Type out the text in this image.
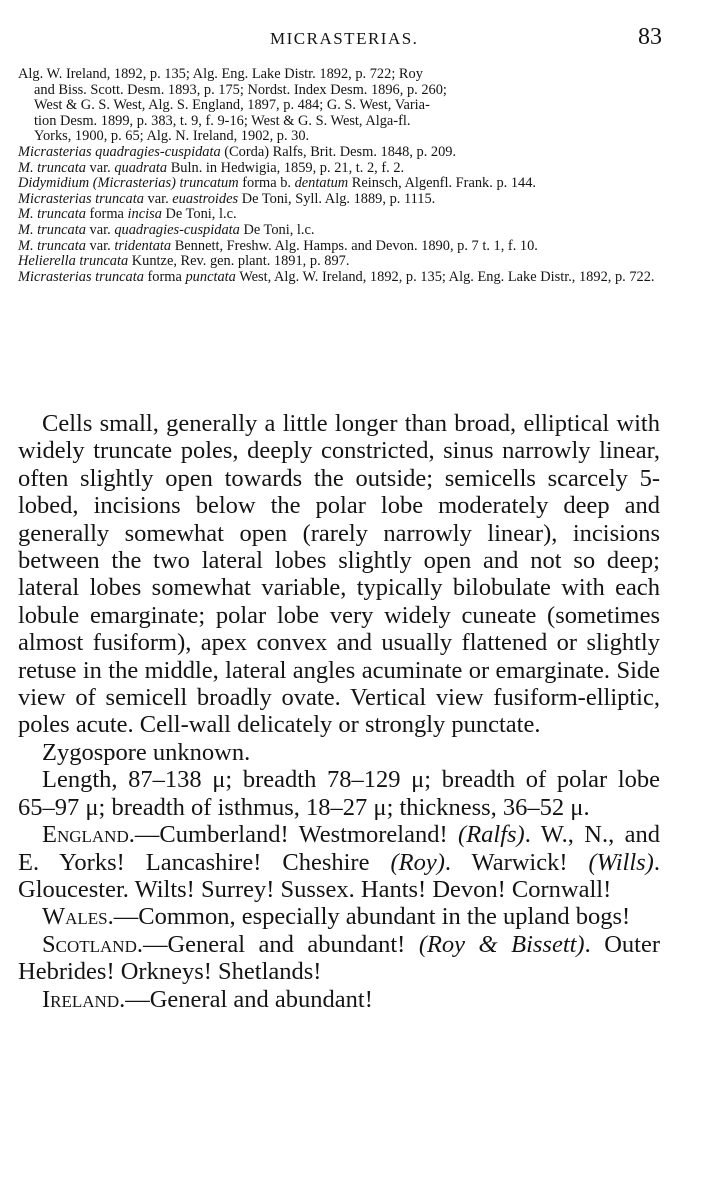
MICRASTERIAS.	83
Alg. W. Ireland, 1892, p. 135; Alg. Eng. Lake Distr. 1892, p. 722; Roy
and Biss. Scott. Desm. 1893, p. 175; Nordst. Index Desm. 1896, p. 260;
West & G. S. West, Alg. S. England, 1897, p. 484; G. S. West, Varia-
tion Desm. 1899, p. 383, t. 9, f. 9-16; West & G. S. West, Alga-fl.
Yorks, 1900, p. 65; Alg. N. Ireland, 1902, p. 30.

Micrasterias quadragies-cuspidata (Corda) Ralfs, Brit. Desm. 1848, p. 209.

M. truncata var. quadrata Buln. in Hedwigia, 1859, p. 21, t. 2, f. 2.

Didymidium (Micrasterias) truncatum forma b. dentatum Reinsch, Algenfl. Frank. p. 144.

Micrasterias truncata var. euastroides De Toni, Syll. Alg. 1889, p. 1115.

M. truncata forma incisa De Toni, l.c.

M. truncata var. quadragies-cuspidata De Toni, l.c.

M. truncata var. tridentata Bennett, Freshw. Alg. Hamps. and Devon. 1890, p. 7 t. 1, f. 10.

Helierella truncata Kuntze, Rev. gen. plant. 1891, p. 897.

Micrasterias truncata forma punctata West, Alg. W. Ireland, 1892, p. 135; Alg. Eng. Lake Distr., 1892, p. 722.

Cells small, generally a little longer than broad, elliptical with widely truncate poles, deeply constricted, sinus narrowly linear, often slightly open towards the outside; semicells scarcely 5-lobed, incisions below the polar lobe moderately deep and generally somewhat open (rarely narrowly linear), incisions between the two lateral lobes slightly open and not so deep; lateral lobes somewhat variable, typically bilobulate with each lobule emarginate; polar lobe very widely cuneate (sometimes almost fusiform), apex convex and usually flattened or slightly retuse in the middle, lateral angles acuminate or emarginate. Side view of semicell broadly ovate. Vertical view fusiform-elliptic, poles acute. Cell-wall delicately or strongly punctate.

Zygospore unknown.

Length, 87–138 μ; breadth 78–129 μ; breadth of polar lobe 65–97 μ; breadth of isthmus, 18–27 μ; thickness, 36–52 μ.

England.—Cumberland! Westmoreland! (Ralfs). W., N., and E. Yorks! Lancashire! Cheshire (Roy). Warwick! (Wills). Gloucester. Wilts! Surrey! Sussex. Hants! Devon! Cornwall!

Wales.—Common, especially abundant in the upland bogs!

Scotland.—General and abundant! (Roy & Bissett). Outer Hebrides! Orkneys! Shetlands!

Ireland.—General and abundant!
